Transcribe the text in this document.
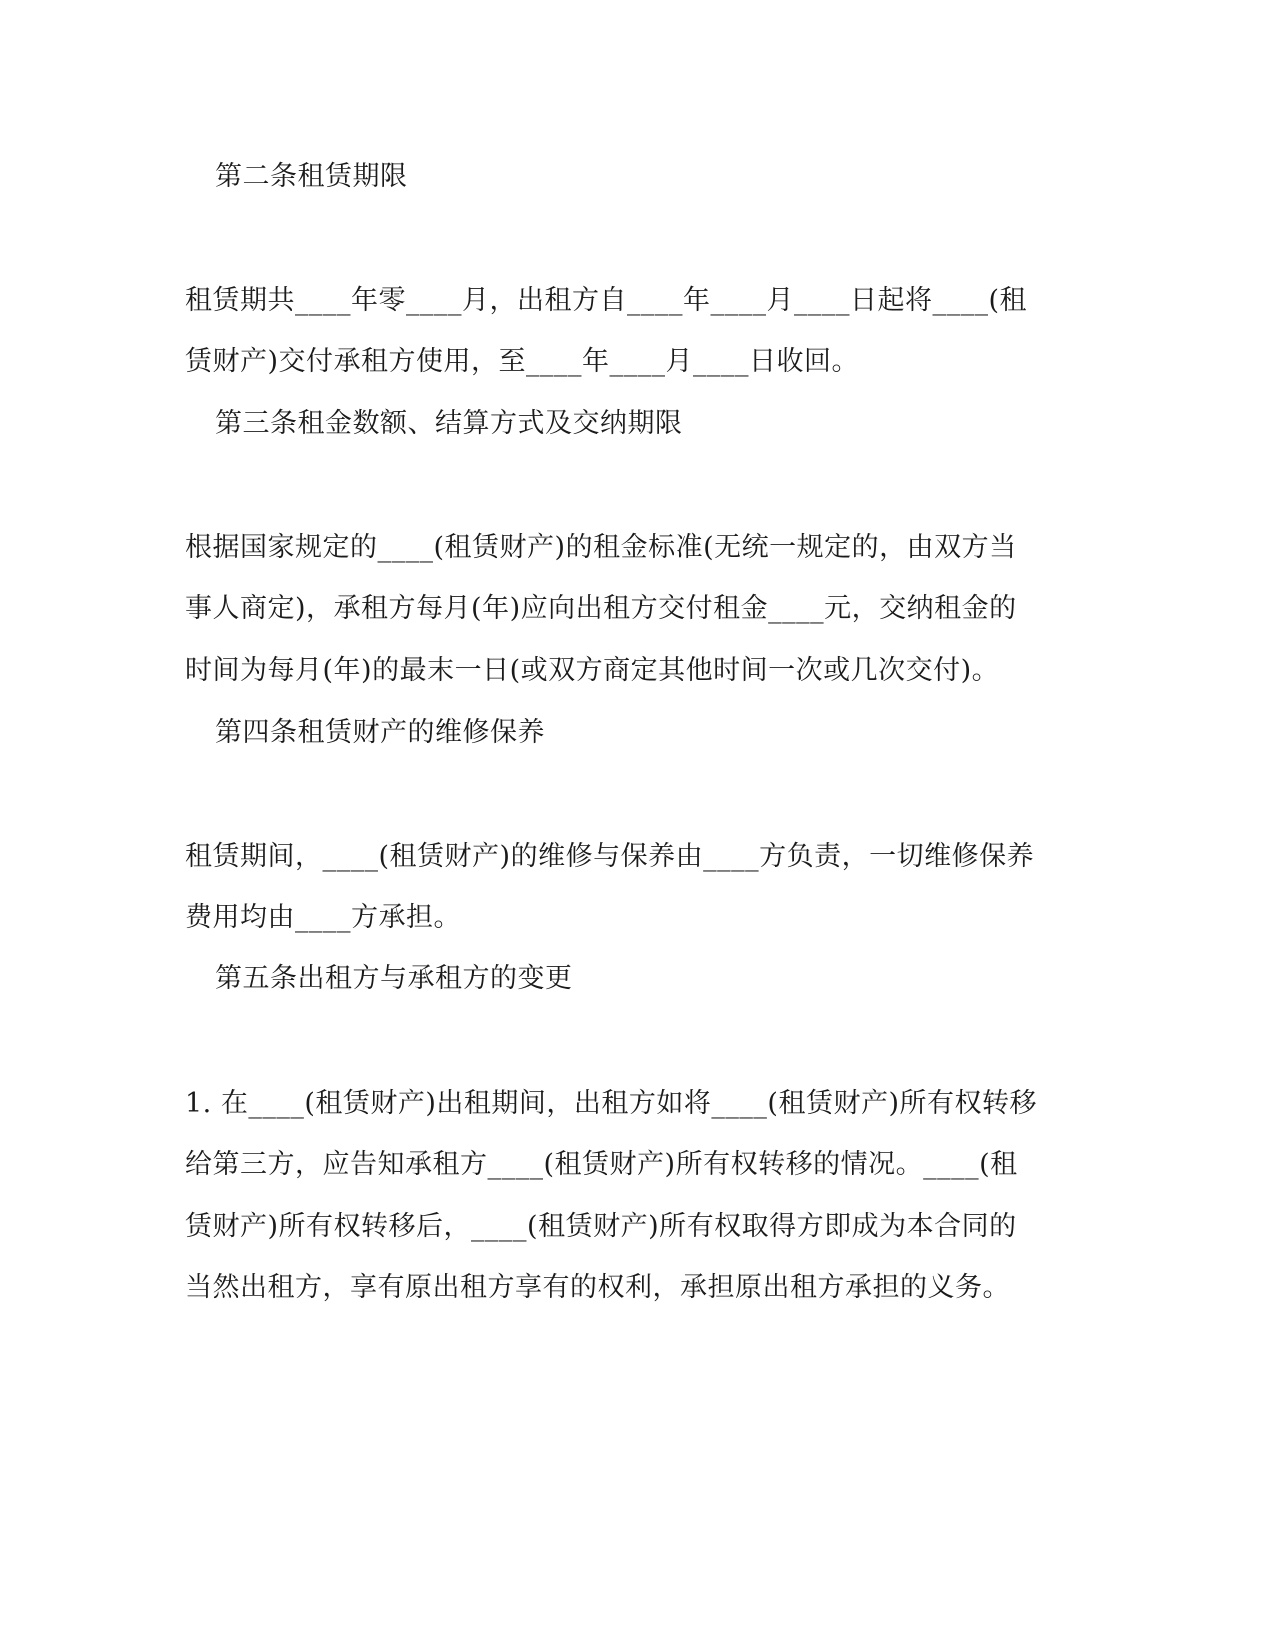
第二条租赁期限
租赁期共____年零____月，出租方自____年____月____日起将____(租
赁财产)交付承租方使用，至____年____月____日收回。
第三条租金数额、结算方式及交纳期限
根据国家规定的____(租赁财产)的租金标准(无统一规定的，由双方当
事人商定)，承租方每月(年)应向出租方交付租金____元，交纳租金的
时间为每月(年)的最末一日(或双方商定其他时间一次或几次交付)。
第四条租赁财产的维修保养
租赁期间，____(租赁财产)的维修与保养由____方负责，一切维修保养
费用均由____方承担。
第五条出租方与承租方的变更
1. 在____(租赁财产)出租期间，出租方如将____(租赁财产)所有权转移
给第三方，应告知承租方____(租赁财产)所有权转移的情况。____(租
赁财产)所有权转移后，____(租赁财产)所有权取得方即成为本合同的
当然出租方，享有原出租方享有的权利，承担原出租方承担的义务。
